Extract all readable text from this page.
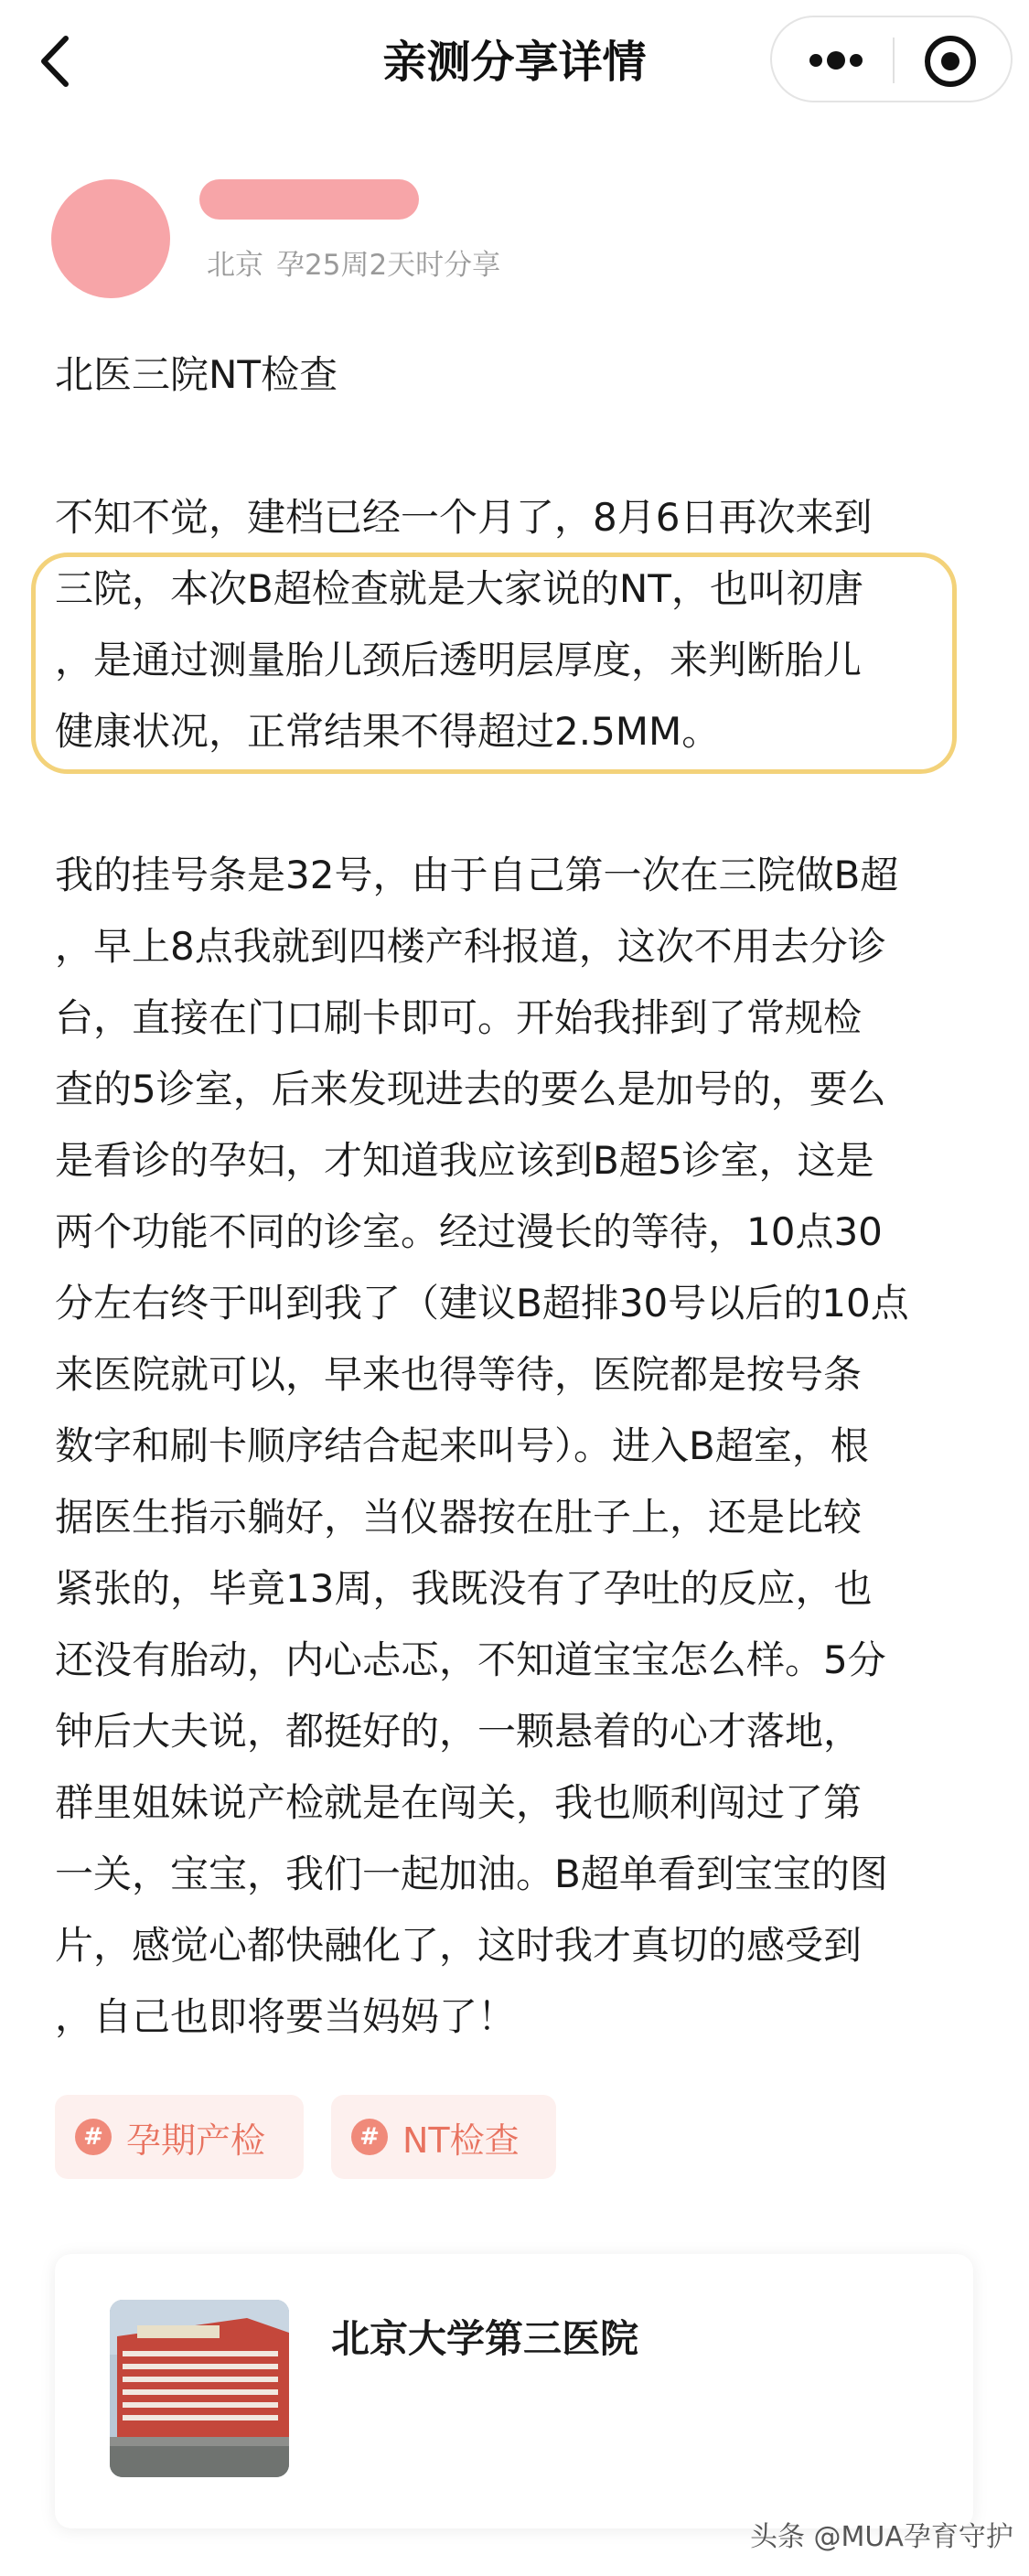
亲测分享详情
北京 孕25周2天时分享
北医三院NT检查
不知不觉，建档已经一个月了，8月6日再次来到
三院，本次B超检查就是大家说的NT，也叫初唐
，是通过测量胎儿颈后透明层厚度，来判断胎儿
健康状况，正常结果不得超过2.5MM。
我的挂号条是32号，由于自己第一次在三院做B超
，早上8点我就到四楼产科报道，这次不用去分诊
台，直接在门口刷卡即可。开始我排到了常规检
查的5诊室，后来发现进去的要么是加号的，要么
是看诊的孕妇，才知道我应该到B超5诊室，这是
两个功能不同的诊室。经过漫长的等待，10点30
分左右终于叫到我了（建议B超排30号以后的10点
来医院就可以，早来也得等待，医院都是按号条
数字和刷卡顺序结合起来叫号）。进入B超室，根
据医生指示躺好，当仪器按在肚子上，还是比较
紧张的，毕竟13周，我既没有了孕吐的反应，也
还没有胎动，内心忐忑，不知道宝宝怎么样。5分
钟后大夫说，都挺好的，一颗悬着的心才落地，
群里姐妹说产检就是在闯关，我也顺利闯过了第
一关，宝宝，我们一起加油。B超单看到宝宝的图
片，感觉心都快融化了，这时我才真切的感受到
，自己也即将要当妈妈了！
# 孕期产检	# NT检查
北京大学第三医院
头条 @MUA孕育守护
